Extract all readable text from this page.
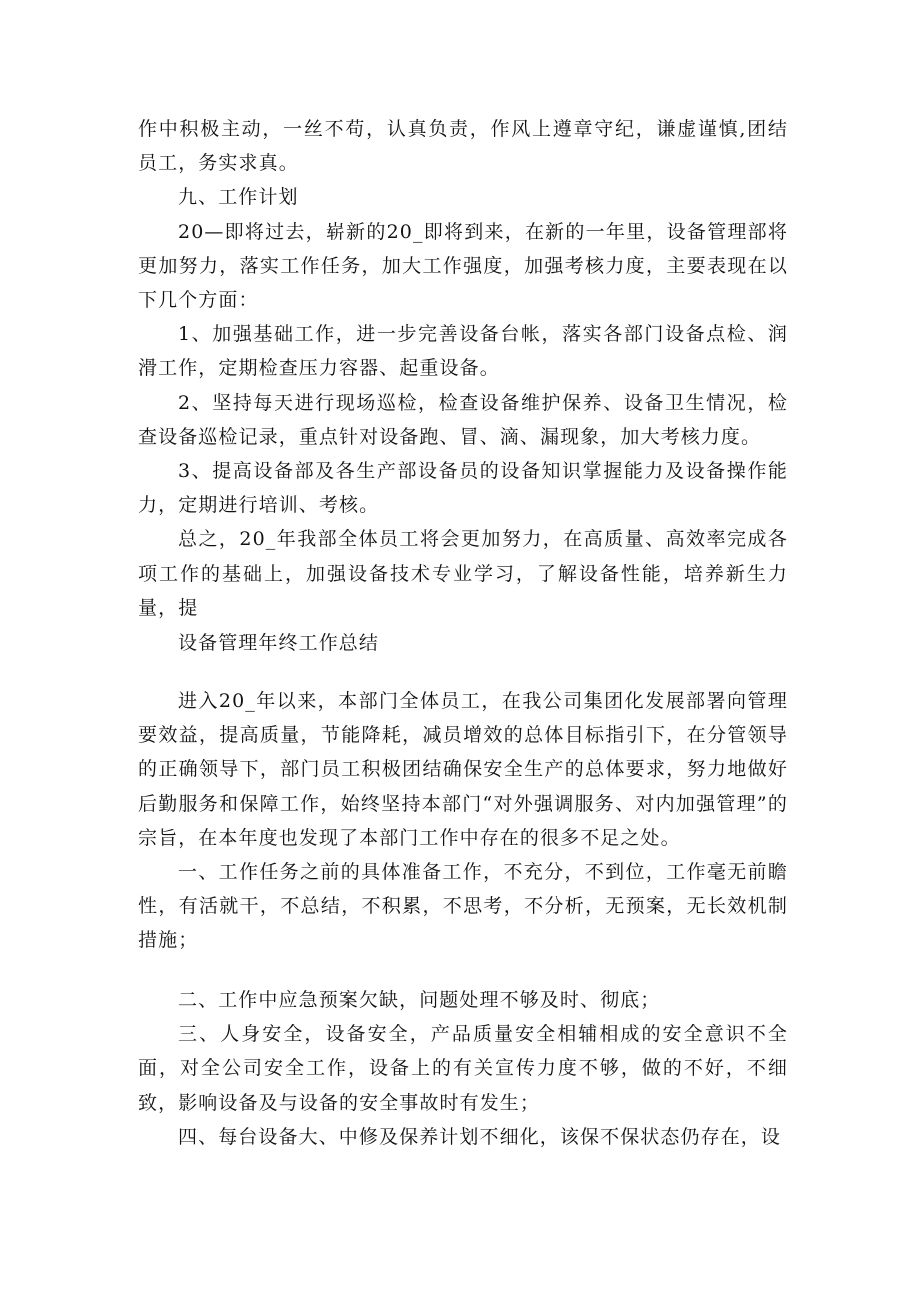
作中积极主动，一丝不苟，认真负责，作风上遵章守纪，谦虚谨慎,团结员工，务实求真。

九、工作计划

20—即将过去，崭新的20_即将到来，在新的一年里，设备管理部将更加努力，落实工作任务，加大工作强度，加强考核力度，主要表现在以下几个方面：

1、加强基础工作，进一步完善设备台帐，落实各部门设备点检、润滑工作，定期检查压力容器、起重设备。

2、坚持每天进行现场巡检，检查设备维护保养、设备卫生情况，检查设备巡检记录，重点针对设备跑、冒、滴、漏现象，加大考核力度。

3、提高设备部及各生产部设备员的设备知识掌握能力及设备操作能力，定期进行培训、考核。

总之，20_年我部全体员工将会更加努力，在高质量、高效率完成各项工作的基础上，加强设备技术专业学习，了解设备性能，培养新生力量，提

设备管理年终工作总结

进入20_年以来，本部门全体员工，在我公司集团化发展部署向管理要效益，提高质量，节能降耗，减员增效的总体目标指引下，在分管领导的正确领导下，部门员工积极团结确保安全生产的总体要求，努力地做好后勤服务和保障工作，始终坚持本部门“对外强调服务、对内加强管理”的宗旨，在本年度也发现了本部门工作中存在的很多不足之处。

一、工作任务之前的具体准备工作，不充分，不到位，工作毫无前瞻性，有活就干，不总结，不积累，不思考，不分析，无预案，无长效机制措施；

二、工作中应急预案欠缺，问题处理不够及时、彻底；

三、人身安全，设备安全，产品质量安全相辅相成的安全意识不全面，对全公司安全工作，设备上的有关宣传力度不够，做的不好，不细致，影响设备及与设备的安全事故时有发生；

四、每台设备大、中修及保养计划不细化，该保不保状态仍存在，设
